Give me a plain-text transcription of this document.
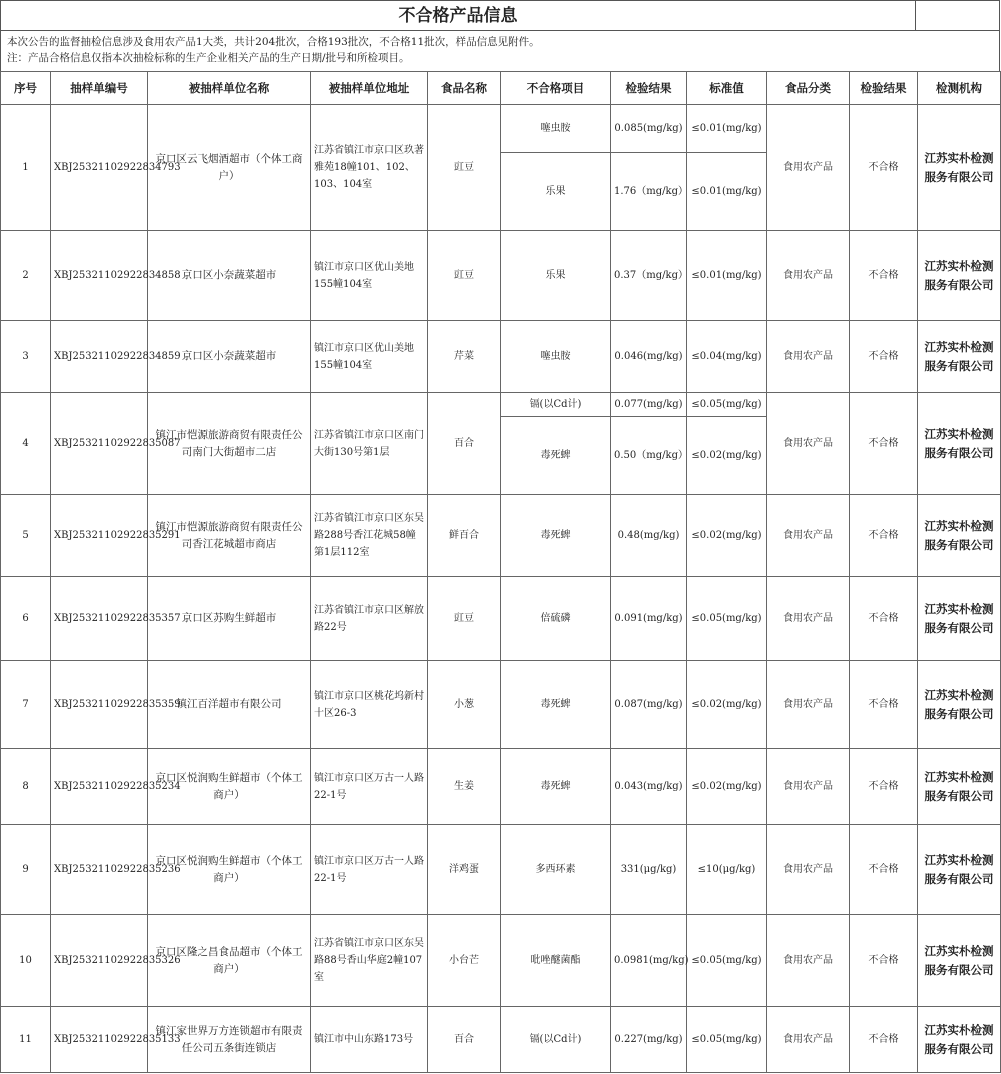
不合格产品信息
本次公告的监督抽检信息涉及食用农产品1大类，共计204批次，合格193批次，不合格11批次，样品信息见附件。
注：产品合格信息仅指本次抽检标称的生产企业相关产品的生产日期/批号和所检项目。
序号	抽样单编号	被抽样单位名称	被抽样单位地址	食品名称	不合格项目	检验结果	标准值	食品分类	检验结果	检测机构
1	XBJ25321102922834793	京口区云飞烟酒超市（个体工商户）	江苏省镇江市京口区玖著雅苑18幢101、102、103、104室	豇豆	噻虫胺	0.085(mg/kg)	≤0.01(mg/kg)	食用农产品	不合格	江苏实朴检测服务有限公司
					乐果	1.76（mg/kg）	≤0.01(mg/kg)			
2	XBJ25321102922834858	京口区小奈蔬菜超市	镇江市京口区优山美地155幢104室	豇豆	乐果	0.37（mg/kg）	≤0.01(mg/kg)	食用农产品	不合格	江苏实朴检测服务有限公司
3	XBJ25321102922834859	京口区小奈蔬菜超市	镇江市京口区优山美地155幢104室	芹菜	噻虫胺	0.046(mg/kg)	≤0.04(mg/kg)	食用农产品	不合格	江苏实朴检测服务有限公司
4	XBJ25321102922835087	镇江市恺源旅游商贸有限责任公司南门大街超市二店	江苏省镇江市京口区南门大街130号第1层	百合	镉(以Cd计)	0.077(mg/kg)	≤0.05(mg/kg)	食用农产品	不合格	江苏实朴检测服务有限公司
					毒死蜱	0.50（mg/kg）	≤0.02(mg/kg)			
5	XBJ25321102922835291	镇江市恺源旅游商贸有限责任公司香江花城超市商店	江苏省镇江市京口区东吴路288号香江花城58幢第1层112室	鲜百合	毒死蜱	0.48(mg/kg)	≤0.02(mg/kg)	食用农产品	不合格	江苏实朴检测服务有限公司
6	XBJ25321102922835357	京口区苏购生鲜超市	江苏省镇江市京口区解放路22号	豇豆	倍硫磷	0.091(mg/kg)	≤0.05(mg/kg)	食用农产品	不合格	江苏实朴检测服务有限公司
7	XBJ25321102922835359	镇江百洋超市有限公司	镇江市京口区桃花坞新村十区26-3	小葱	毒死蜱	0.087(mg/kg)	≤0.02(mg/kg)	食用农产品	不合格	江苏实朴检测服务有限公司
8	XBJ25321102922835234	京口区悦润购生鲜超市（个体工商户）	镇江市京口区万古一人路22-1号	生姜	毒死蜱	0.043(mg/kg)	≤0.02(mg/kg)	食用农产品	不合格	江苏实朴检测服务有限公司
9	XBJ25321102922835236	京口区悦润购生鲜超市（个体工商户）	镇江市京口区万古一人路22-1号	洋鸡蛋	多西环素	331(μg/kg)	≤10(μg/kg)	食用农产品	不合格	江苏实朴检测服务有限公司
10	XBJ25321102922835326	京口区隆之昌食品超市（个体工商户）	江苏省镇江市京口区东吴路88号香山华庭2幢107室	小台芒	吡唑醚菌酯	0.0981(mg/kg)	≤0.05(mg/kg)	食用农产品	不合格	江苏实朴检测服务有限公司
11	XBJ25321102922835133	镇江家世界万方连锁超市有限责任公司五条街连锁店	镇江市中山东路173号	百合	镉(以Cd计)	0.227(mg/kg)	≤0.05(mg/kg)	食用农产品	不合格	江苏实朴检测服务有限公司
